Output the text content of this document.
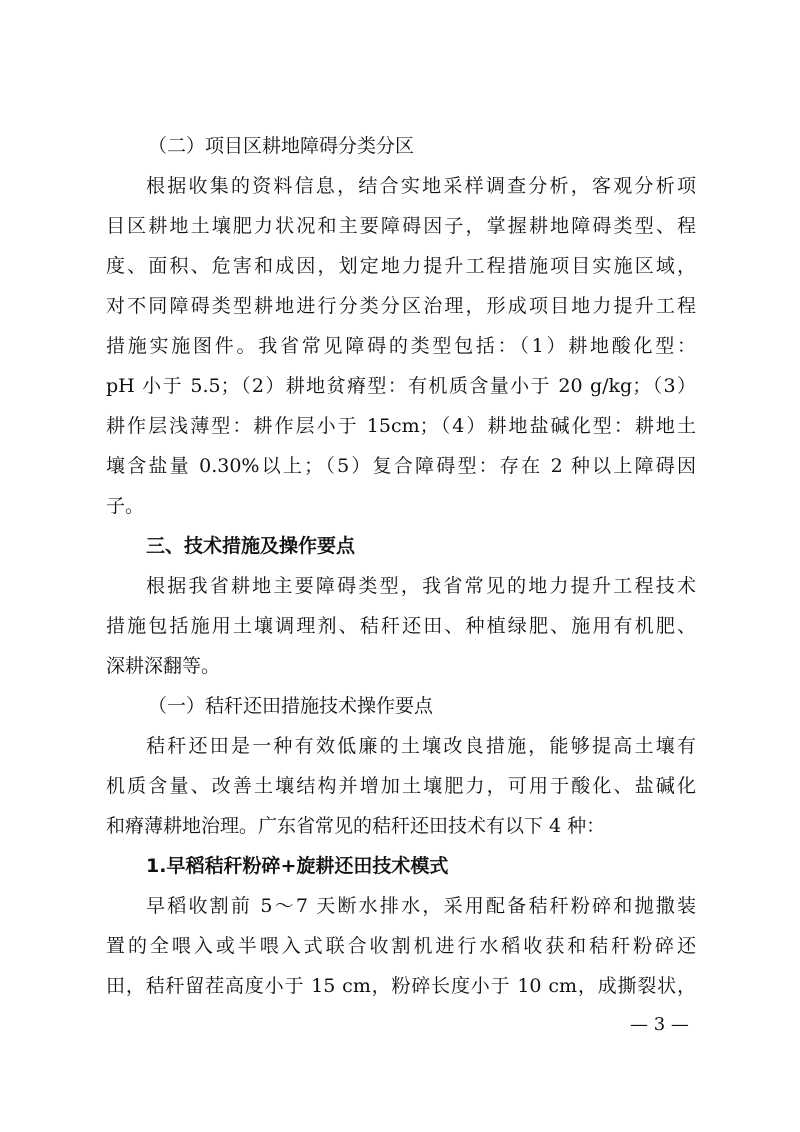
（二）项目区耕地障碍分类分区
根据收集的资料信息，结合实地采样调查分析，客观分析项
目区耕地土壤肥力状况和主要障碍因子，掌握耕地障碍类型、程
度、面积、危害和成因，划定地力提升工程措施项目实施区域，
对不同障碍类型耕地进行分类分区治理，形成项目地力提升工程
措施实施图件。我省常见障碍的类型包括：（1）耕地酸化型：
pH 小于 5.5；（2）耕地贫瘠型：有机质含量小于 20 g/kg；（3）
耕作层浅薄型：耕作层小于 15cm；（4）耕地盐碱化型：耕地土
壤含盐量 0.30%以上；（5）复合障碍型：存在 2 种以上障碍因
子。
三、技术措施及操作要点
根据我省耕地主要障碍类型，我省常见的地力提升工程技术
措施包括施用土壤调理剂、秸秆还田、种植绿肥、施用有机肥、
深耕深翻等。
（一）秸秆还田措施技术操作要点
秸秆还田是一种有效低廉的土壤改良措施，能够提高土壤有
机质含量、改善土壤结构并增加土壤肥力，可用于酸化、盐碱化
和瘠薄耕地治理。广东省常见的秸秆还田技术有以下 4 种：
1.早稻秸秆粉碎+旋耕还田技术模式
早稻收割前 5～7 天断水排水，采用配备秸秆粉碎和抛撒装
置的全喂入或半喂入式联合收割机进行水稻收获和秸秆粉碎还
田，秸秆留茬高度小于 15 cm，粉碎长度小于 10 cm，成撕裂状，
— 3 —
